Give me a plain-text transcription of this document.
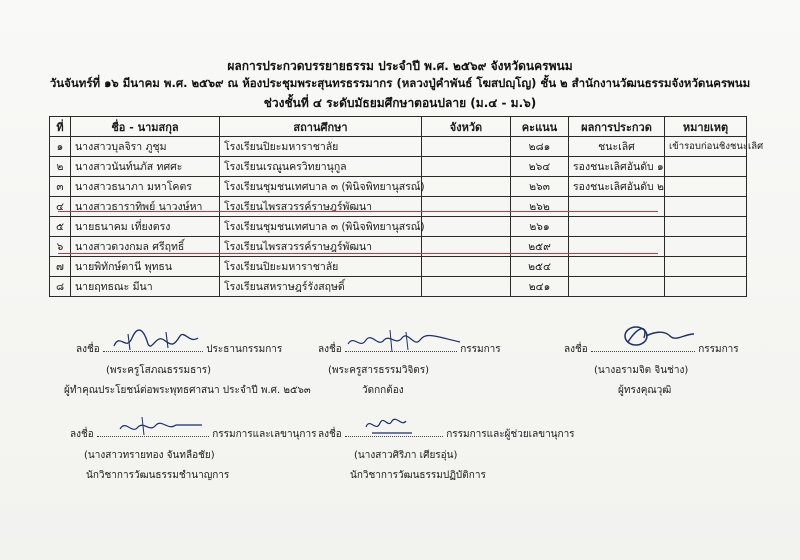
ผลการประกวดบรรยายธรรม ประจำปี พ.ศ. ๒๕๖๙ จังหวัดนครพนม
วันจันทร์ที่ ๑๖ มีนาคม พ.ศ. ๒๕๖๙ ณ ห้องประชุมพระสุนทรธรรมากร (หลวงปู่คำพันธ์ โฆสปญฺโญ) ชั้น ๒ สำนักงานวัฒนธรรมจังหวัดนครพนม
ช่วงชั้นที่ ๔ ระดับมัธยมศึกษาตอนปลาย (ม.๔ - ม.๖)
ที่	ชื่อ - นามสกุล	สถานศึกษา	จังหวัด	คะแนน	ผลการประกวด	หมายเหตุ
๑	นางสาวบุลจิรา ภูชุม	โรงเรียนปิยะมหาราชาลัย		๒๘๑	ชนะเลิศ	เข้ารอบก่อนชิงชนะเลิศ
๒	นางสาวนันท์นภัส ทศศะ	โรงเรียนเรณูนครวิทยานุกูล		๒๖๔	รองชนะเลิศอันดับ ๑	
๓	นางสาวธนาภา มหาโคตร	โรงเรียนชุมชนเทศบาล ๓ (พินิจพิทยานุสรณ์)		๒๖๓	รองชนะเลิศอันดับ ๒	
๔	นางสาวธาราทิพย์ นาวงษ์หา	โรงเรียนไพรสวรรค์ราษฎร์พัฒนา		๒๖๒		
๕	นายธนาคม เที่ยงตรง	โรงเรียนชุมชนเทศบาล ๓ (พินิจพิทยานุสรณ์)		๒๖๑		
๖	นางสาวดวงกมล ศรีฤทธิ์	โรงเรียนไพรสวรรค์ราษฎร์พัฒนา		๒๕๙		
๗	นายพิทักษ์ตานี พุทธน	โรงเรียนปิยะมหาราชาลัย		๒๕๔		
๘	นายฤทธณะ มีนา	โรงเรียนสหราษฎร์รังสฤษดิ์		๒๔๑		
ลงชื่อ	ประธานกรรมการ
(พระครูโสภณธรรมธาร)
ผู้ทำคุณประโยชน์ต่อพระพุทธศาสนา ประจำปี พ.ศ. ๒๕๖๓
ลงชื่อ	กรรมการ
(พระครูสารธรรมวิจิตร)
วัดกกต้อง
ลงชื่อ	กรรมการ
(นางอรามจิต จินช่าง)
ผู้ทรงคุณวุฒิ
ลงชื่อ	กรรมการและเลขานุการ
(นางสาวทรายทอง จันทลือชัย)
นักวิชาการวัฒนธรรมชำนาญการ
ลงชื่อ	กรรมการและผู้ช่วยเลขานุการ
(นางสาวศิริภา เศียรอุ่น)
นักวิชาการวัฒนธรรมปฏิบัติการ
